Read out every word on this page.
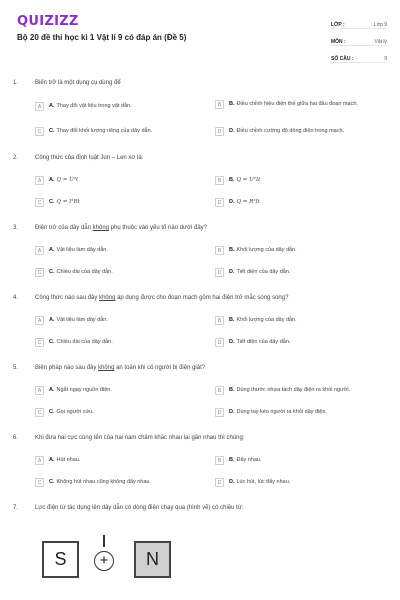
QUIZIZZ
Bộ 20 đề thi học kì 1 Vật lí 9 có đáp án (Đề 5)
LỚP :	Lớp 9
MÔN :	Vật lý
SỐ CÂU :	9
1.	Biến trở là một dụng cụ dùng để
A	A. Thay đổi vật liệu trong vật dẫn.	B	B. Điều chỉnh hiệu điện thế giữa hai đầu đoạn mạch.
C	C. Thay đổi khối lượng riêng của dây dẫn.	D	D. Điều chỉnh cường độ dòng điện trong mạch.
2.	Công thức của định luật Jun – Len xơ là:
A	A. Q = U²t	B	B. Q = U²It
C	C. Q = I²Rt	D	D. Q = R²It
3.	Điện trở của dây dẫn không phụ thuộc vào yếu tố nào dưới đây?
A	A. Vật liệu làm dây dẫn.	B	B. Khối lượng của dây dẫn.
C	C. Chiều dài của dây dẫn.	D	D. Tiết diện của dây dẫn.
4.	Công thức nào sau đây không áp dụng được cho đoạn mạch gồm hai điện trở mắc song song?
A	A. Vật liệu làm dây dẫn.	B	B. Khối lượng của dây dẫn.
C	C. Chiều dài của dây dẫn.	D	D. Tiết diện của dây dẫn.
5.	Biện pháp nào sau đây không an toàn khi có người bị điện giật?
A	A. Ngắt ngay nguồn điện.	B	B. Dùng thước nhựa tách dây điện ra khỏi người.
C	C. Gọi người cứu.	D	D. Dùng tay kéo người ra khỏi dây điện.
6.	Khi đưa hai cực cùng tên của hai nam châm khác nhau lại gần nhau thì chúng:
A	A. Hút nhau.	B	B. Đẩy nhau.
C	C. Không hút nhau cũng không đẩy nhau.	D	D. Lúc hút, lúc đẩy nhau.
7.	Lực điện từ tác dụng lên dây dẫn có dòng điện chạy qua (hình vẽ) có chiều từ:
S	+	N
